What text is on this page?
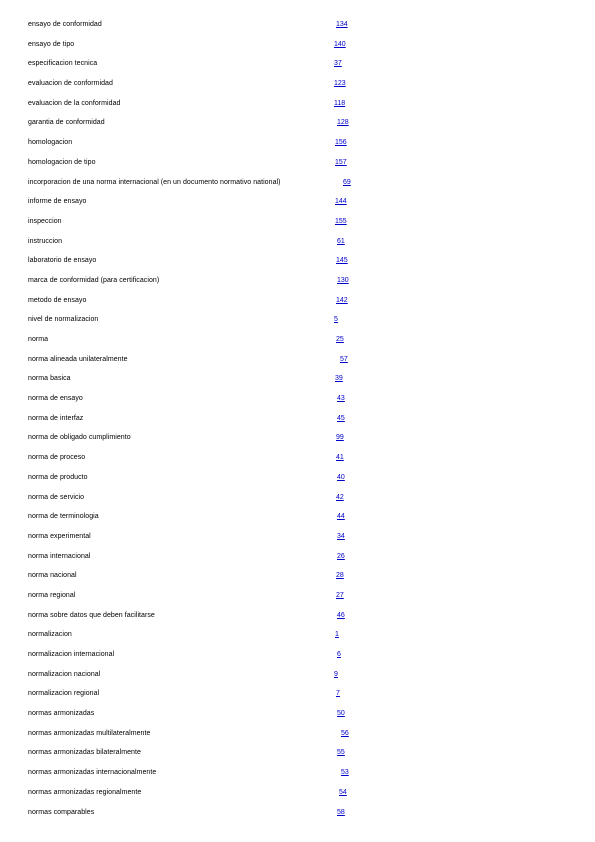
ensayo de conformidad	134
ensayo de tipo	140
especificacion tecnica	37
evaluacion de conformidad	123
evaluacion de la conformidad	118
garantia de conformidad	128
homologacion	156
homologacion de tipo	157
incorporacion de una norma internacional (en un documento normativo national)	69
informe de ensayo	144
inspeccion	155
instruccion	61
laboratorio de ensayo	145
marca de conformidad (para certificacion)	130
metodo de ensayo	142
nivel de normalizacion	5
norma	25
norma alineada unilateralmente	57
norma basica	39
norma de ensayo	43
norma de interfaz	45
norma de obligado cumplimiento	99
norma de proceso	41
norma de producto	40
norma de servicio	42
norma de terminologia	44
norma experimental	34
norma internacional	26
norma nacional	28
norma regional	27
norma sobre datos que deben facilitarse	46
normalizacion	1
normalizacion internacional	6
normalizacion nacional	9
normalizacion regional	7
normas armonizadas	50
normas armonizadas multilateralmente	56
normas armonizadas bilateralmente	55
normas armonizadas internacionalmente	53
normas armonizadas regionalmente	54
normas comparables	58
